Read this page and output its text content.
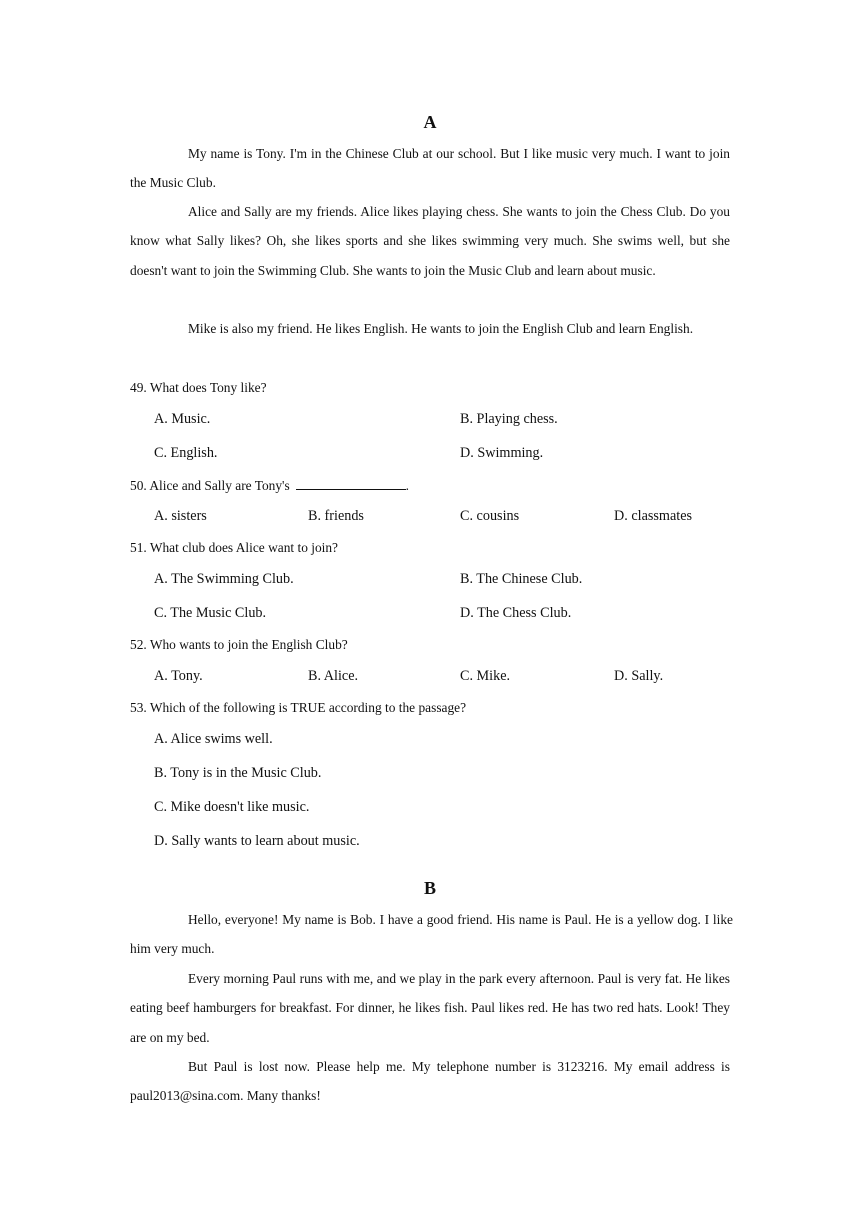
A
My name is Tony. I'm in the Chinese Club at our school. But I like music very much. I want to join the Music Club.
Alice and Sally are my friends. Alice likes playing chess. She wants to join the Chess Club. Do you know what Sally likes? Oh, she likes sports and she likes swimming very much. She swims well, but she doesn't want to join the Swimming Club. She wants to join the Music Club and learn about music.
Mike is also my friend. He likes English. He wants to join the English Club and learn English.
49. What does Tony like?
A. Music.	B. Playing chess.
C. English.	D. Swimming.
50. Alice and Sally are Tony's	.
A. sisters	B. friends	C. cousins	D. classmates
51. What club does Alice want to join?
A. The Swimming Club.	B. The Chinese Club.
C. The Music Club.	D. The Chess Club.
52. Who wants to join the English Club?
A. Tony.	B. Alice.	C. Mike.	D. Sally.
53. Which of the following is TRUE according to the passage?
A. Alice swims well.
B. Tony is in the Music Club.
C. Mike doesn't like music.
D. Sally wants to learn about music.
B
Hello, everyone! My name is Bob. I have a good friend. His name is Paul. He is a yellow dog. I like him very much.
Every morning Paul runs with me, and we play in the park every afternoon. Paul is very fat. He likes eating beef hamburgers for breakfast. For dinner, he likes fish. Paul likes red. He has two red hats. Look! They are on my bed.
But Paul is lost now. Please help me. My telephone number is 3123216. My email address is paul2013@sina.com. Many thanks!
